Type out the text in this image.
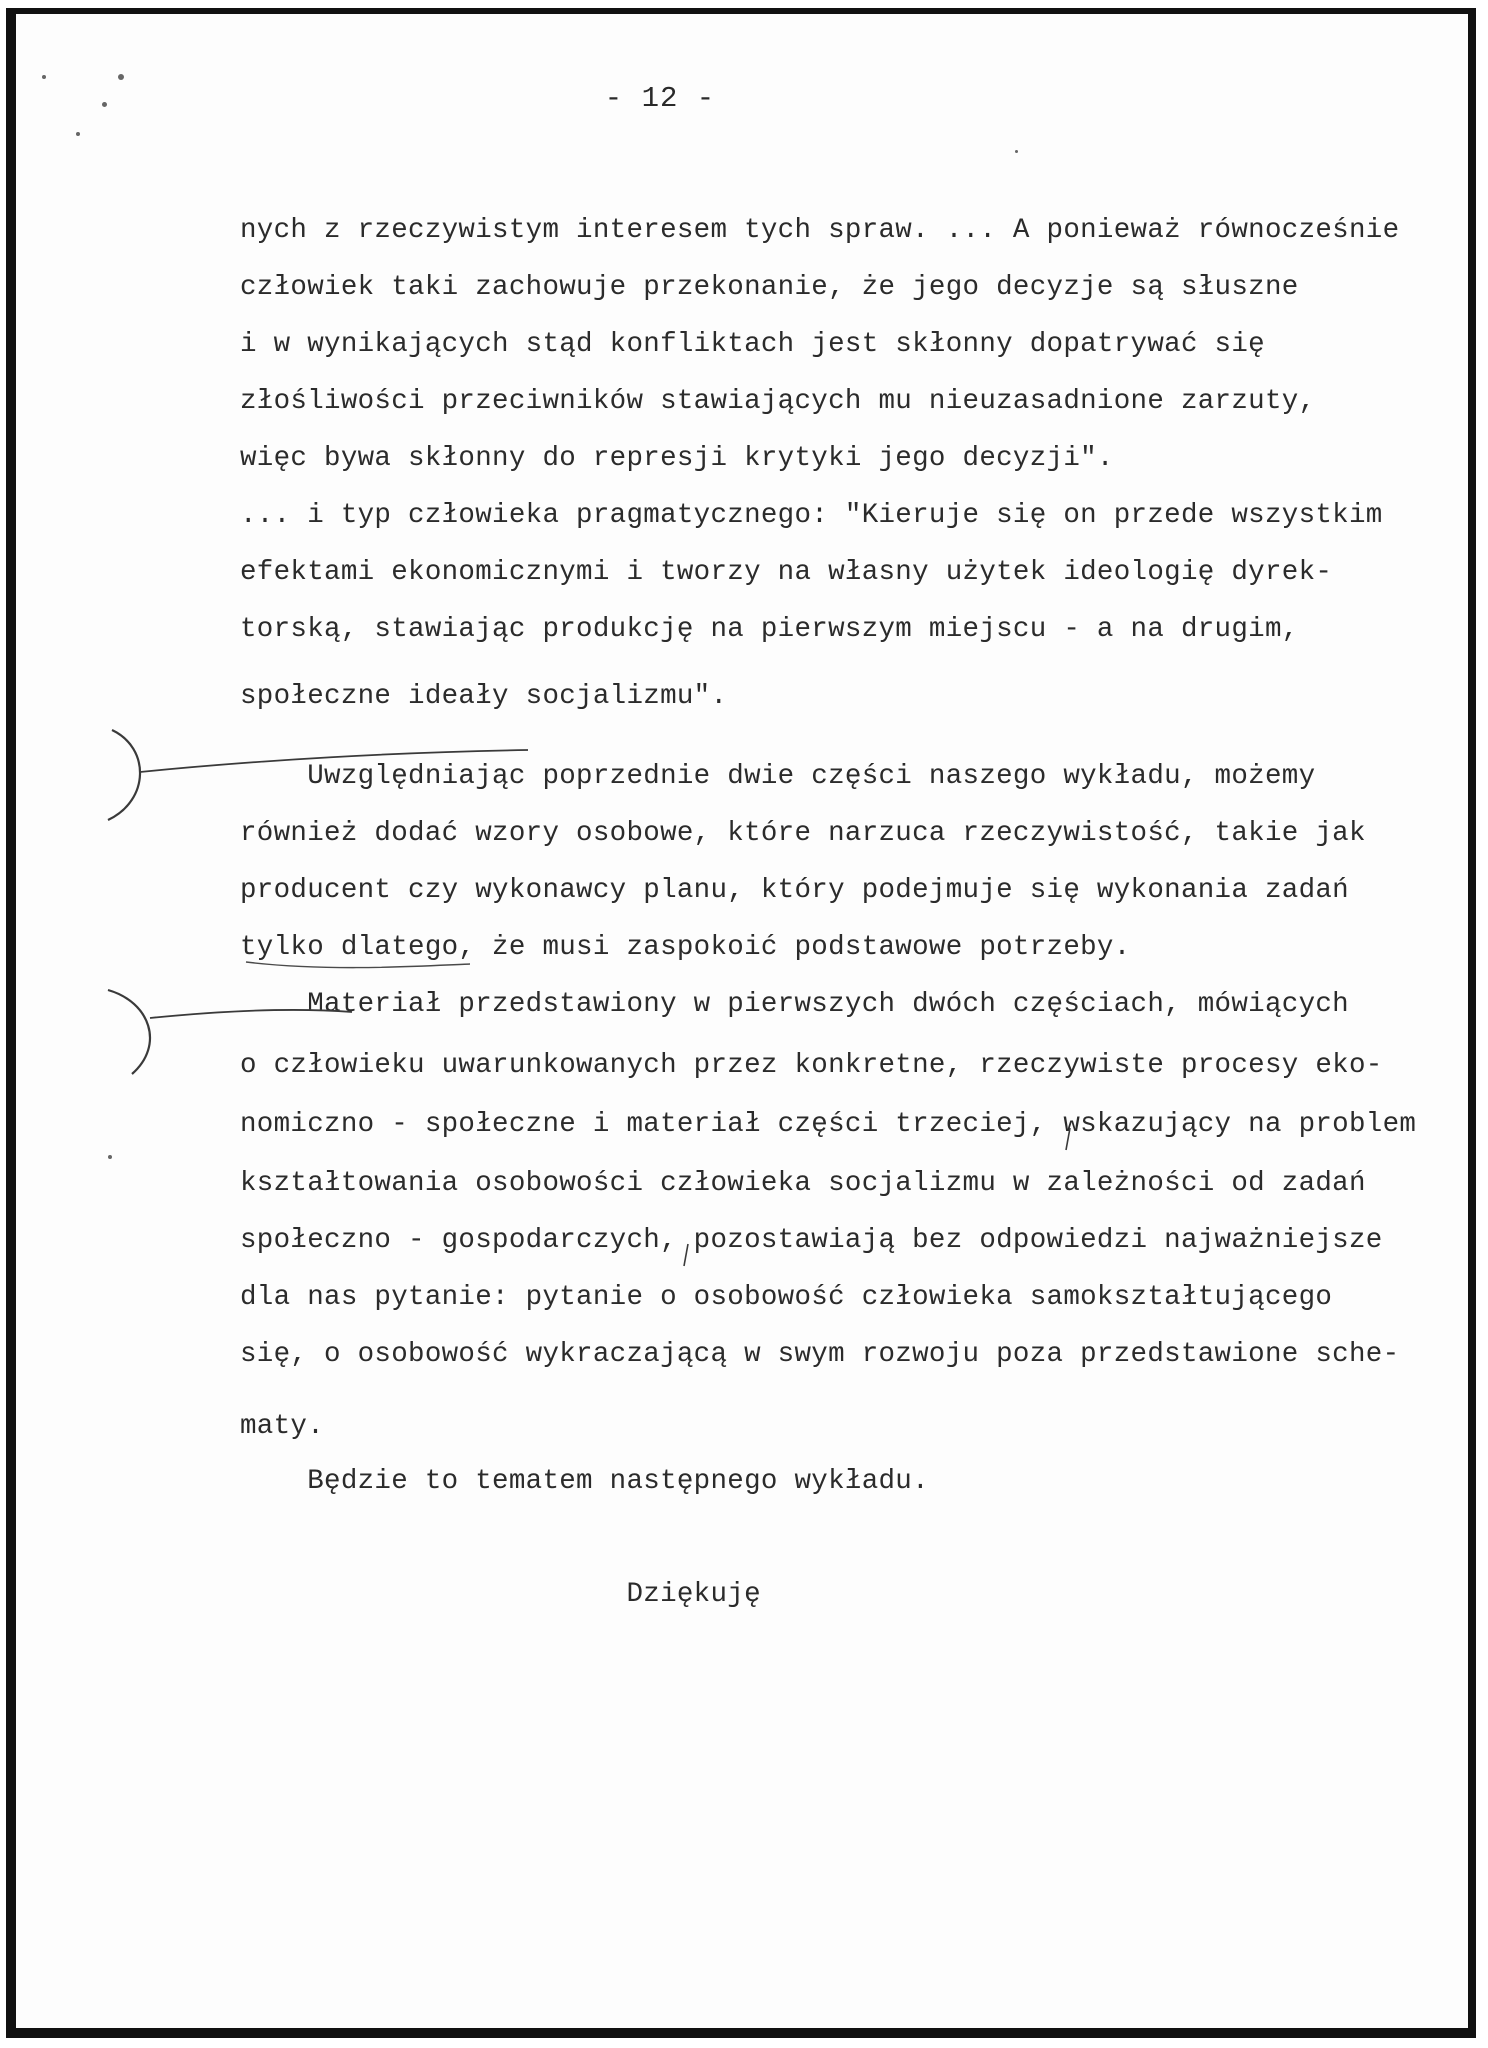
- 12 -
nych z rzeczywistym interesem tych spraw. ... A ponieważ równocześnie
człowiek taki zachowuje przekonanie, że jego decyzje są słuszne
i w wynikających stąd konfliktach jest skłonny dopatrywać się
złośliwości przeciwników stawiających mu nieuzasadnione zarzuty,
więc bywa skłonny do represji krytyki jego decyzji".
... i typ człowieka pragmatycznego: "Kieruje się on przede wszystkim
efektami ekonomicznymi i tworzy na własny użytek ideologię dyrek-
torską, stawiając produkcję na pierwszym miejscu - a na drugim,
społeczne ideały socjalizmu".
Uwzględniając poprzednie dwie części naszego wykładu, możemy
również dodać wzory osobowe, które narzuca rzeczywistość, takie jak
producent czy wykonawcy planu, który podejmuje się wykonania zadań
tylko dlatego, że musi zaspokoić podstawowe potrzeby.
Materiał przedstawiony w pierwszych dwóch częściach, mówiących
o człowieku uwarunkowanych przez konkretne, rzeczywiste procesy eko-
nomiczno - społeczne i materiał części trzeciej, wskazujący na problem
kształtowania osobowości człowieka socjalizmu w zależności od zadań
społeczno - gospodarczych, pozostawiają bez odpowiedzi najważniejsze
dla nas pytanie: pytanie o osobowość człowieka samokształtującego
się, o osobowość wykraczającą w swym rozwoju poza przedstawione sche-
maty.
Będzie to tematem następnego wykładu.
Dziękuję
